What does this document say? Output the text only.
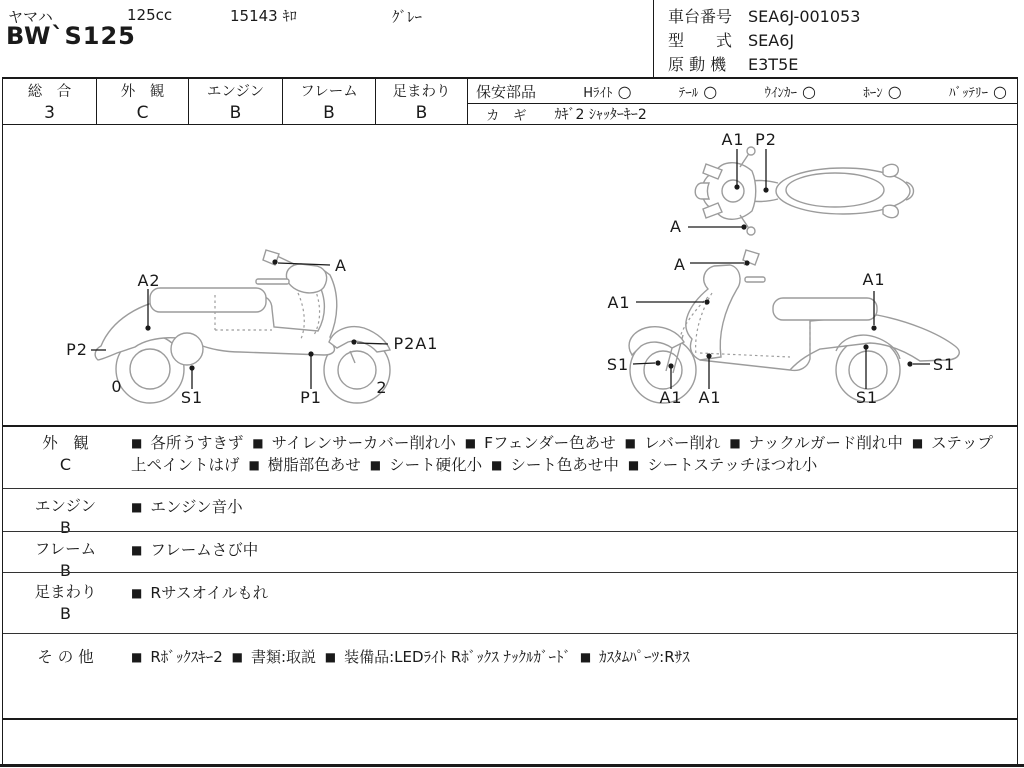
ヤマハ	125cc	15143 ｷﾛ	ｸﾞﾚｰ
BW`S125
車台番号 SEA6J-001053
型　　式 SEA6J
原 動 機 E3T5E
総　合
3
外　観
C
エンジン
B
フレーム
B
足まわり
B
保安部品	Hﾗｲﾄ ○	ﾃｰﾙ ○	ｳｲﾝｶｰ ○	ﾎｰﾝ ○	ﾊﾞｯﾃﾘｰ ○
カ　ギ ｶｷﾞ2 ｼｬｯﾀｰｷｰ2
A1 P2
A
A2
A
P2	P2A1
S1	P1
0	2
A
A1
A1
S1
A1 A1
S1
S1
外　観
C
■ 各所うすきず ■ サイレンサーカバー削れ小 ■ Fフェンダー色あせ ■ レバー削れ ■ ナックルガード削れ中 ■ ステップ上ペイントはげ ■ 樹脂部色あせ ■ シート硬化小 ■ シート色あせ中 ■ シートステッチほつれ小
エンジン
B
■ エンジン音小
フレーム
B
■ フレームさび中
足まわり
B
■ Rサスオイルもれ
そ の 他	■ Rﾎﾞｯｸｽｷｰ2 ■ 書類:取説 ■ 装備品:LEDﾗｲﾄ Rﾎﾞｯｸｽ ﾅｯｸﾙｶﾞｰﾄﾞ ■ ｶｽﾀﾑﾊﾟｰﾂ:Rｻｽ
